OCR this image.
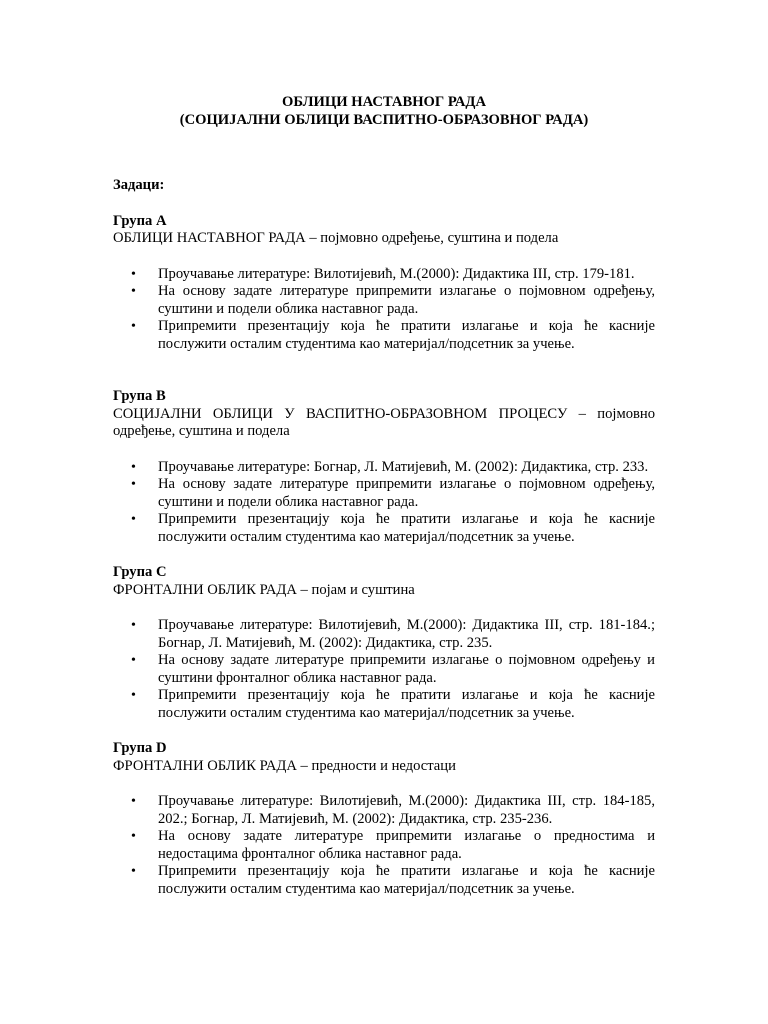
ОБЛИЦИ НАСТАВНОГ РАДА
(СОЦИЈАЛНИ ОБЛИЦИ ВАСПИТНО-ОБРАЗОВНОГ РАДА)

Задаци:

Група А

ОБЛИЦИ НАСТАВНОГ РАДА – појмовно одређење, суштина и подела

• Проучавање литературе: Вилотијевић, М.(2000): Дидактика III, стр. 179-181.
• На основу задате литературе припремити излагање о појмовном одређењу, суштини и подели облика наставног рада.
• Припремити презентацију која ће пратити излагање и која ће касније послужити осталим студентима као материјал/подсетник за учење.

Група В

СОЦИЈАЛНИ ОБЛИЦИ У ВАСПИТНО-ОБРАЗОВНОМ ПРОЦЕСУ – појмовно одређење, суштина и подела

• Проучавање литературе: Богнар, Л. Матијевић, М. (2002): Дидактика, стр. 233.
• На основу задате литературе припремити излагање о појмовном одређењу, суштини и подели облика наставног рада.
• Припремити презентацију која ће пратити излагање и која ће касније послужити осталим студентима као материјал/подсетник за учење.

Група С

ФРОНТАЛНИ ОБЛИК РАДА – појам и суштина

• Проучавање литературе: Вилотијевић, М.(2000): Дидактика III, стр. 181-184.; Богнар, Л. Матијевић, М. (2002): Дидактика, стр. 235.
• На основу задате литературе припремити излагање о појмовном одређењу и суштини фронталног облика наставног рада.
• Припремити презентацију која ће пратити излагање и која ће касније послужити осталим студентима као материјал/подсетник за учење.

Група D

ФРОНТАЛНИ ОБЛИК РАДА – предности и недостаци

• Проучавање литературе: Вилотијевић, М.(2000): Дидактика III, стр. 184-185, 202.; Богнар, Л. Матијевић, М. (2002): Дидактика, стр. 235-236.
• На основу задате литературе припремити излагање о предностима и недостацима фронталног облика наставног рада.
• Припремити презентацију која ће пратити излагање и која ће касније послужити осталим студентима као материјал/подсетник за учење.
